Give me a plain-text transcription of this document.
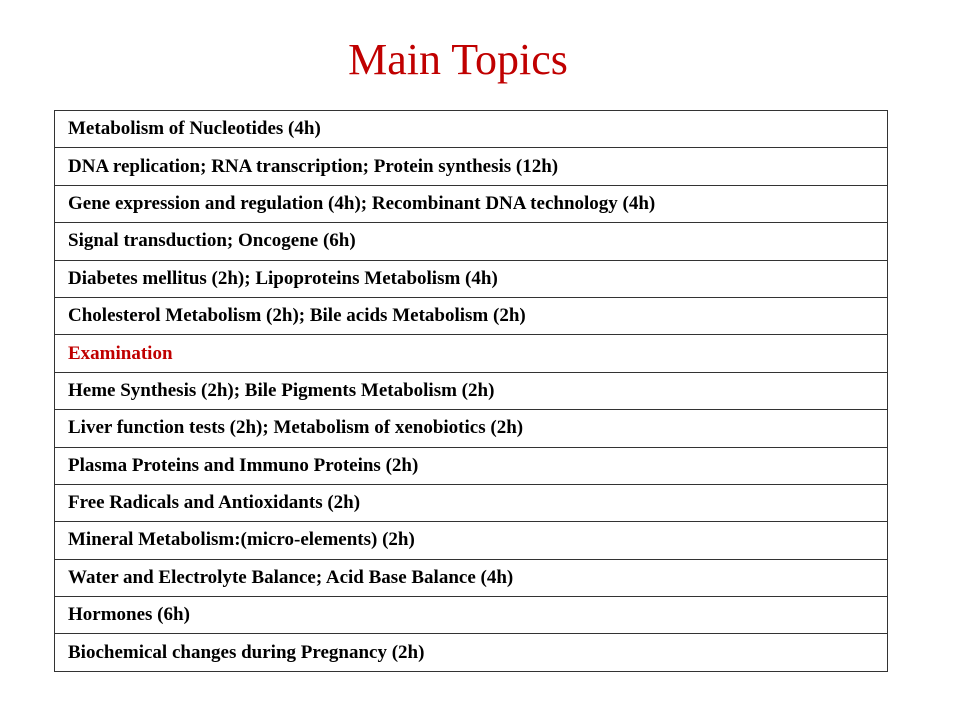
Main Topics
Metabolism of Nucleotides (4h)
DNA replication; RNA transcription; Protein synthesis (12h)
Gene expression and regulation (4h); Recombinant DNA technology (4h)
Signal transduction; Oncogene (6h)
Diabetes mellitus (2h); Lipoproteins Metabolism (4h)
Cholesterol Metabolism (2h); Bile acids Metabolism (2h)
Examination
Heme Synthesis (2h); Bile Pigments Metabolism (2h)
Liver function tests (2h); Metabolism of xenobiotics (2h)
Plasma Proteins and Immuno Proteins (2h)
Free Radicals and Antioxidants (2h)
Mineral Metabolism:(micro-elements) (2h)
Water and Electrolyte Balance; Acid Base Balance (4h)
Hormones (6h)
Biochemical changes during Pregnancy (2h)
